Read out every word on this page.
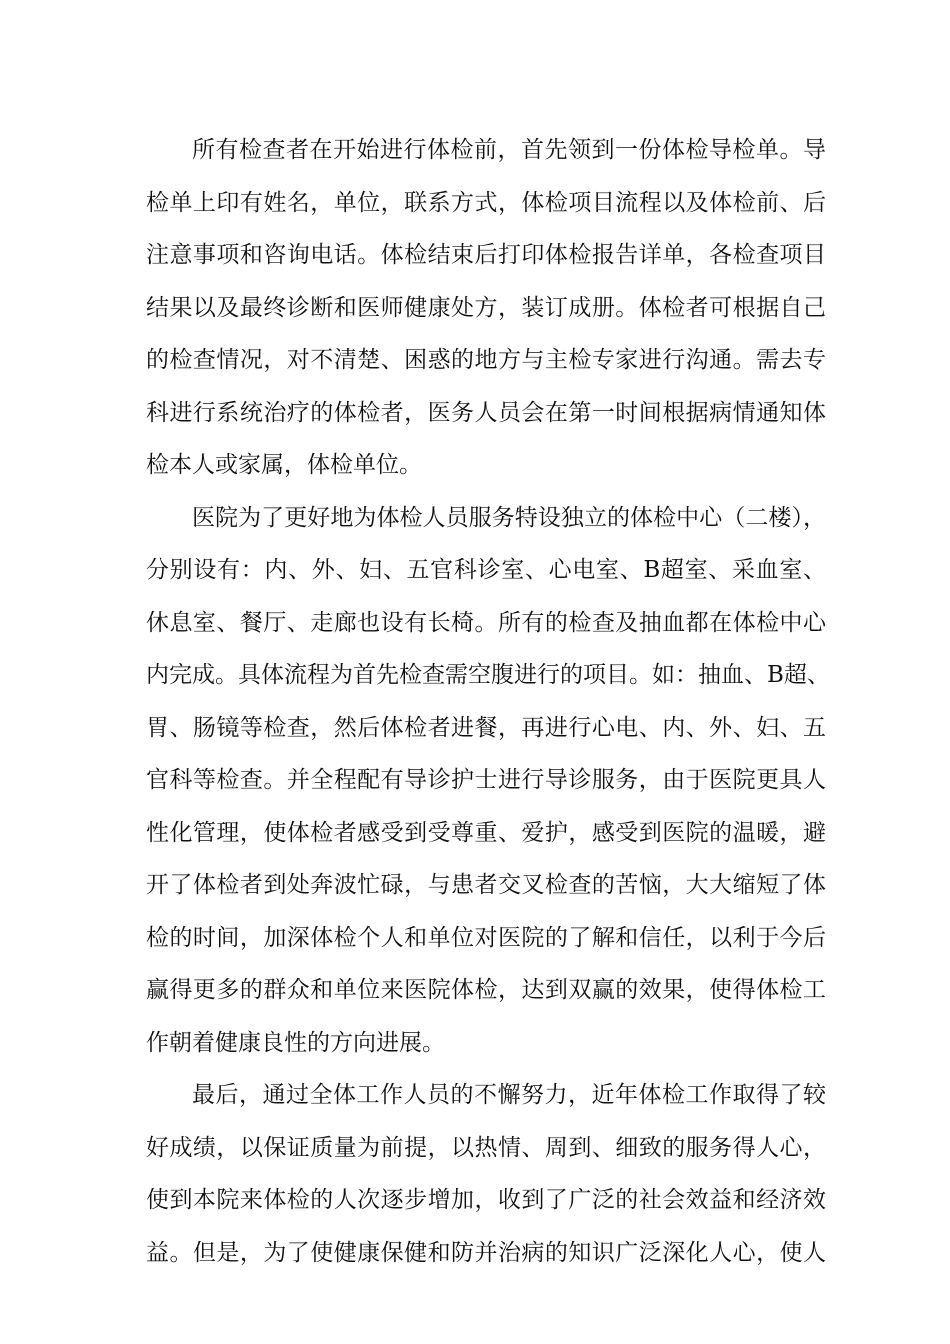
所有检查者在开始进行体检前，首先领到一份体检导检单。导
检单上印有姓名，单位，联系方式，体检项目流程以及体检前、后
注意事项和咨询电话。体检结束后打印体检报告详单，各检查项目
结果以及最终诊断和医师健康处方，装订成册。体检者可根据自己
的检查情况，对不清楚、困惑的地方与主检专家进行沟通。需去专
科进行系统治疗的体检者，医务人员会在第一时间根据病情通知体
检本人或家属，体检单位。
医院为了更好地为体检人员服务特设独立的体检中心（二楼），
分别设有：内、外、妇、五官科诊室、心电室、B超室、采血室、
休息室、餐厅、走廊也设有长椅。所有的检查及抽血都在体检中心
内完成。具体流程为首先检查需空腹进行的项目。如：抽血、B超、
胃、肠镜等检查，然后体检者进餐，再进行心电、内、外、妇、五
官科等检查。并全程配有导诊护士进行导诊服务，由于医院更具人
性化管理，使体检者感受到受尊重、爱护，感受到医院的温暖，避
开了体检者到处奔波忙碌，与患者交叉检查的苦恼，大大缩短了体
检的时间，加深体检个人和单位对医院的了解和信任，以利于今后
赢得更多的群众和单位来医院体检，达到双赢的效果，使得体检工
作朝着健康良性的方向进展。
最后，通过全体工作人员的不懈努力，近年体检工作取得了较
好成绩，以保证质量为前提，以热情、周到、细致的服务得人心，
使到本院来体检的人次逐步增加，收到了广泛的社会效益和经济效
益。但是，为了使健康保健和防并治病的知识广泛深化人心，使人
